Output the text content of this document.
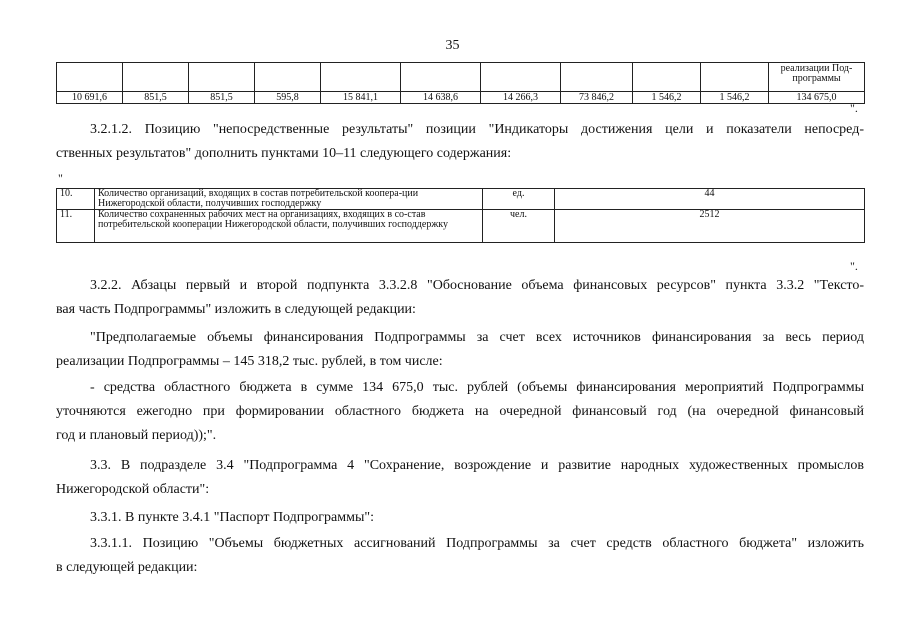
35
										реализации Под-программы
10 691,6	851,5	851,5	595,8	15 841,1	14 638,6	14 266,3	73 846,2	1 546,2	1 546,2	134 675,0
".
3.2.1.2. Позицию "непосредственные результаты" позиции "Индикаторы достижения цели и показатели непосред-
ственных результатов" дополнить пунктами 10–11 следующего содержания:
"
10.	Количество организаций, входящих в состав потребительской коопера-ции Нижегородской области, получивших господдержку	ед.	44
11.	Количество сохраненных рабочих мест на организациях, входящих в со-став потребительской кооперации Нижегородской области, получивших господдержку	чел.	2512
".
3.2.2. Абзацы первый и второй подпункта 3.3.2.8 "Обоснование объема финансовых ресурсов" пункта 3.3.2 "Тексто-
вая часть Подпрограммы" изложить в следующей редакции:
"Предполагаемые объемы финансирования Подпрограммы за счет всех источников финансирования за весь период
реализации Подпрограммы – 145 318,2 тыс. рублей, в том числе:
- средства областного бюджета в сумме 134 675,0 тыс. рублей (объемы финансирования мероприятий Подпрограммы
уточняются ежегодно при формировании областного бюджета на очередной финансовый год (на очередной финансовый
год и плановый период));".
3.3. В подразделе 3.4 "Подпрограмма 4 "Сохранение, возрождение и развитие народных художественных промыслов
Нижегородской области":
3.3.1. В пункте 3.4.1 "Паспорт Подпрограммы":
3.3.1.1. Позицию "Объемы бюджетных ассигнований Подпрограммы за счет средств областного бюджета" изложить
в следующей редакции:
